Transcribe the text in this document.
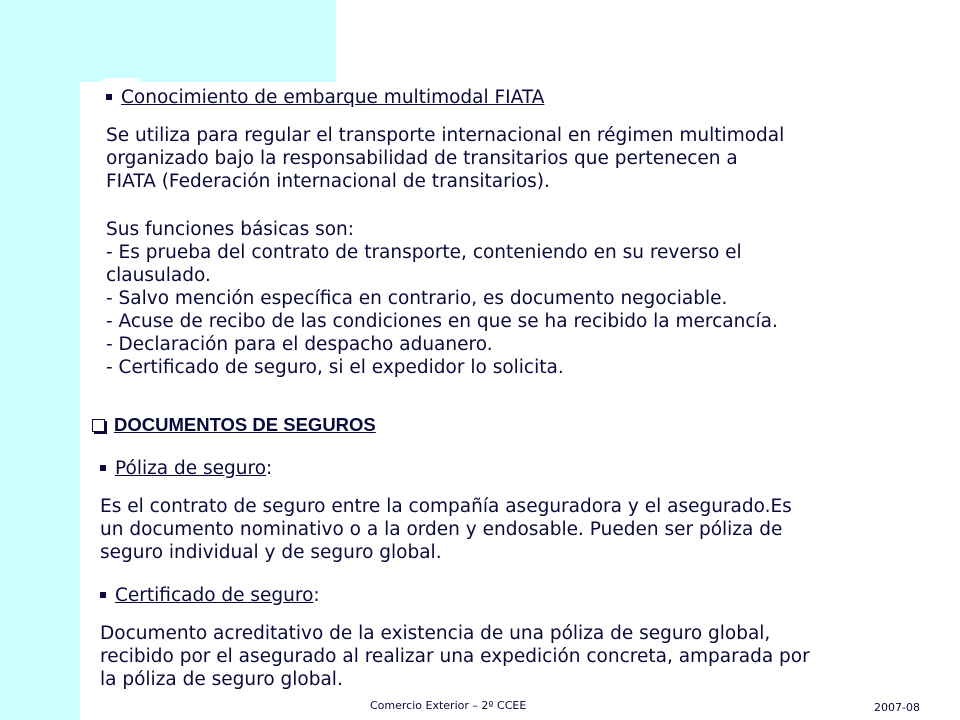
Conocimiento de embarque multimodal FIATA

Se utiliza para regular el transporte internacional en régimen multimodal

organizado bajo la responsabilidad de transitarios que pertenecen a

FIATA (Federación internacional de transitarios).

Sus funciones básicas son:

- Es prueba del contrato de transporte, conteniendo en su reverso el

clausulado.

- Salvo mención específica en contrario, es documento negociable.

- Acuse de recibo de las condiciones en que se ha recibido la mercancía.

- Declaración para el despacho aduanero.

- Certificado de seguro, si el expedidor lo solicita.

DOCUMENTOS DE SEGUROS
Póliza de seguro :

Es el contrato de seguro entre la compañía aseguradora y el asegurado.Es

un documento nominativo o a la orden y endosable. Pueden ser póliza de

seguro individual y de seguro global.

Certificado de seguro :

Documento acreditativo de la existencia de una póliza de seguro global,

recibido por el asegurado al realizar una expedición concreta, amparada por

la póliza de seguro global.

Comercio Exterior – 2º CCEE	2007-08
